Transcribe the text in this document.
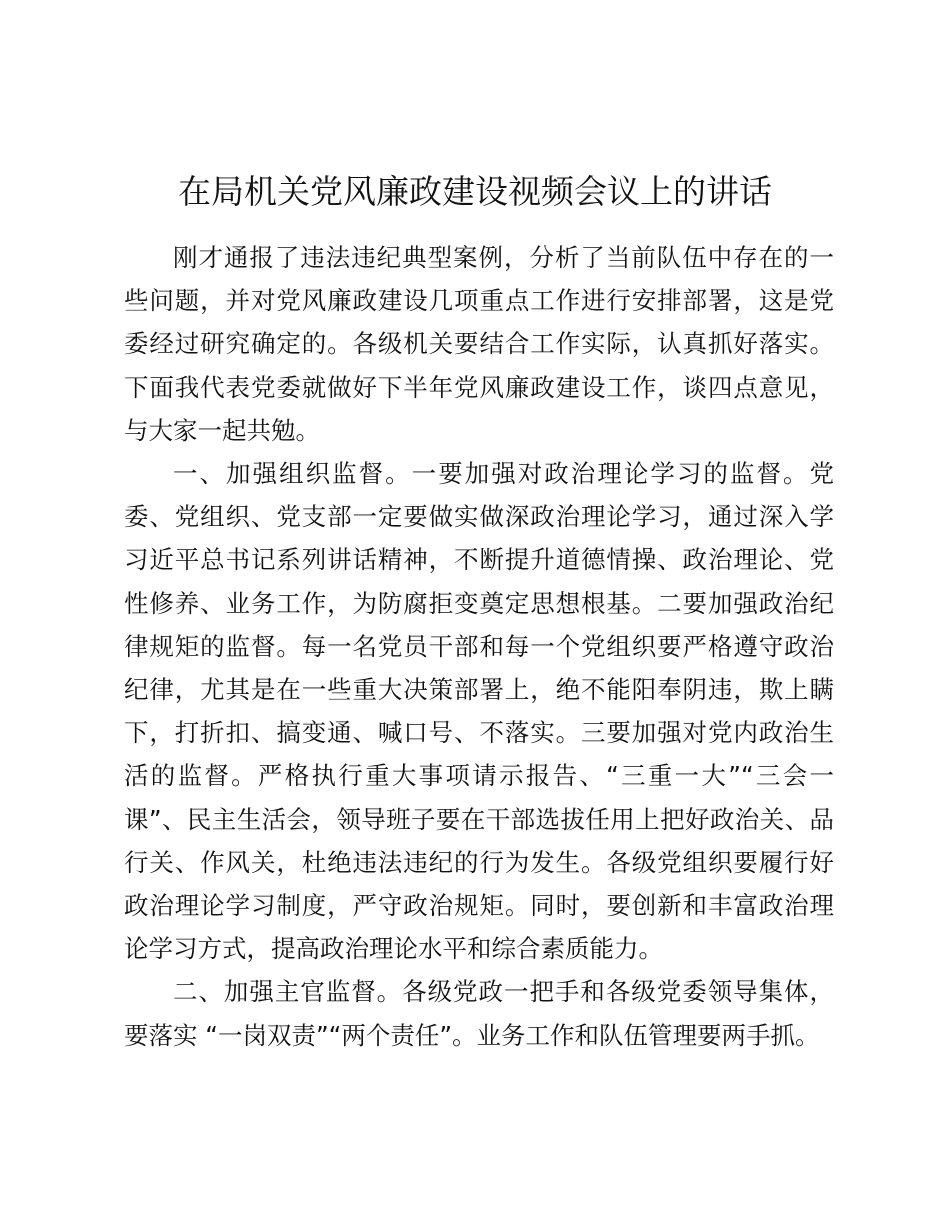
在局机关党风廉政建设视频会议上的讲话

刚才通报了违法违纪典型案例，分析了当前队伍中存在的一些问题，并对党风廉政建设几项重点工作进行安排部署，这是党委经过研究确定的。各级机关要结合工作实际，认真抓好落实。下面我代表党委就做好下半年党风廉政建设工作，谈四点意见，与大家一起共勉。

一、加强组织监督。一要加强对政治理论学习的监督。党委、党组织、党支部一定要做实做深政治理论学习，通过深入学习近平总书记系列讲话精神，不断提升道德情操、政治理论、党性修养、业务工作，为防腐拒变奠定思想根基。二要加强政治纪律规矩的监督。每一名党员干部和每一个党组织要严格遵守政治纪律，尤其是在一些重大决策部署上，绝不能阳奉阴违，欺上瞒下，打折扣、搞变通、喊口号、不落实。三要加强对党内政治生活的监督。严格执行重大事项请示报告、“三重一大”“三会一课”、民主生活会，领导班子要在干部选拔任用上把好政治关、品行关、作风关，杜绝违法违纪的行为发生。各级党组织要履行好政治理论学习制度，严守政治规矩。同时，要创新和丰富政治理论学习方式，提高政治理论水平和综合素质能力。

二、加强主官监督。各级党政一把手和各级党委领导集体，要落实 “一岗双责”“两个责任”。业务工作和队伍管理要两手抓。
